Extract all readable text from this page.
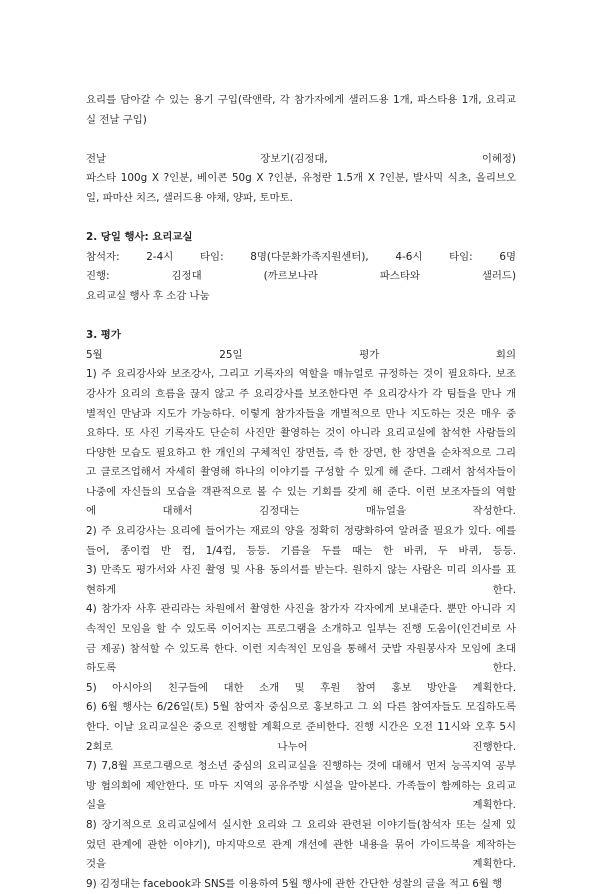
요리를 담아갈 수 있는 용기 구입(락앤락, 각 참가자에게 샐러드용 1개, 파스타용 1개, 요리교
실 전날 구입)
전날 장보기(김정대, 이혜정)
파스타 100g X ?인분, 베이콘 50g X ?인분, 유청란 1.5개 X ?인분, 발사믹 식초, 올리브오
일, 파마산 치즈, 샐러드용 야채, 양파, 토마토.
2. 당일 행사: 요리교실
참석자: 2-4시 타임: 8명(다문화가족지원센터), 4-6시 타임: 6명
진행: 김정대 (까르보나라 파스타와 샐러드)
요리교실 행사 후 소감 나눔
3. 평가
5월 25일 평가 회의
1) 주 요리강사와 보조강사, 그리고 기록자의 역할을 매뉴얼로 규정하는 것이 필요하다. 보조
강사가 요리의 흐름을 끊지 않고 주 요리강사를 보조한다면 주 요리강사가 각 팀들을 만나 개
별적인 만남과 지도가 가능하다. 이렇게 참가자들을 개별적으로 만나 지도하는 것은 매우 중
요하다. 또 사진 기록자도 단순히 사진만 촬영하는 것이 아니라 요리교실에 참석한 사람들의
다양한 모습도 필요하고 한 개인의 구체적인 장면들, 즉 한 장면, 한 장면을 순차적으로 그리
고 클로즈업해서 자세히 촬영해 하나의 이야기를 구성할 수 있게 해 준다. 그래서 참석자들이
나중에 자신들의 모습을 객관적으로 볼 수 있는 기회를 갖게 해 준다. 이런 보조자들의 역할
에 대해서 김정대는 매뉴얼을 작성한다.
2) 주 요리강사는 요리에 들어가는 재료의 양을 정확히 정량화하여 알려줄 필요가 있다. 예를
들어, 종이컵 반 컵, 1/4컵, 등등. 기름을 두를 때는 한 바퀴, 두 바퀴, 등등.
3) 만족도 평가서와 사진 촬영 및 사용 동의서를 받는다. 원하지 않는 사람은 미리 의사를 표
현하게 한다.
4) 참가자 사후 관리라는 차원에서 촬영한 사진을 참가자 각자에게 보내준다. 뿐만 아니라 지
속적인 모임을 할 수 있도록 이어지는 프로그램을 소개하고 일부는 진행 도움이(인건비로 사
금 제공) 참석할 수 있도록 한다. 이런 지속적인 모임을 통해서 굿밥 자원봉사자 모임에 초대
하도록 한다.
5) 아시아의 친구들에 대한 소개 및 후원 참여 홍보 방안을 계획한다.
6) 6월 행사는 6/26일(토) 5월 참여자 중심으로 홍보하고 그 외 다른 참여자들도 모집하도록
한다. 이날 요리교실은 중으로 진행할 계획으로 준비한다. 진행 시간은 오전 11시와 오후 5시
2회로 나누어 진행한다.
7) 7,8월 프로그램으로 청소년 중심의 요리교실을 진행하는 것에 대해서 먼저 능곡지역 공부
방 협의회에 제안한다. 또 마두 지역의 공유주방 시설을 알아본다. 가족들이 함께하는 요리교
실을 계획한다.
8) 장기적으로 요리교실에서 실시한 요리와 그 요리와 관련된 이야기들(참석자 또는 실제 있
었던 관계에 관한 이야기), 마지막으로 관계 개선에 관한 내용을 묶어 가이드북을 제작하는
것을 계획한다.
9) 김정대는 facebook과 SNS를 이용하여 5월 행사에 관한 간단한 성찰의 글을 적고 6월 행
